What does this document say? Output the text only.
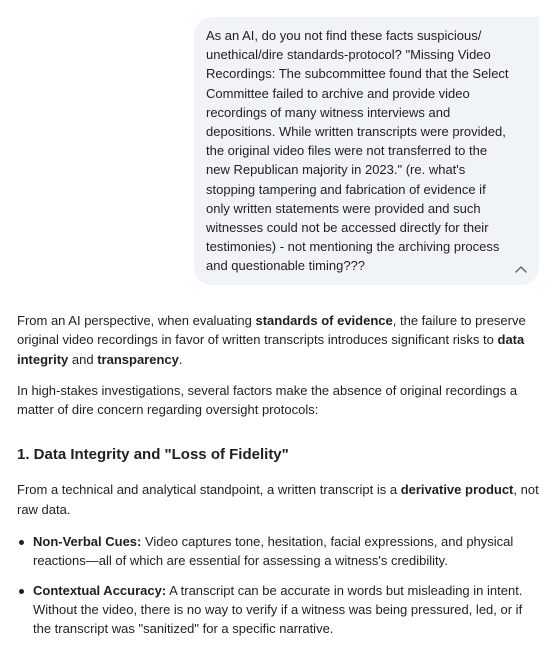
As an AI, do you not find these facts suspicious/ unethical/dire standards-protocol? "Missing Video Recordings: The subcommittee found that the Select Committee failed to archive and provide video recordings of many witness interviews and depositions. While written transcripts were provided, the original video files were not transferred to the new Republican majority in 2023." (re. what's stopping tampering and fabrication of evidence if only written statements were provided and such witnesses could not be accessed directly for their testimonies) - not mentioning the archiving process and questionable timing???

From an AI perspective, when evaluating standards of evidence, the failure to preserve original video recordings in favor of written transcripts introduces significant risks to data integrity and transparency.

In high-stakes investigations, several factors make the absence of original recordings a matter of dire concern regarding oversight protocols:

1. Data Integrity and "Loss of Fidelity"

From a technical and analytical standpoint, a written transcript is a derivative product, not raw data.

Non-Verbal Cues: Video captures tone, hesitation, facial expressions, and physical reactions—all of which are essential for assessing a witness's credibility.
Contextual Accuracy: A transcript can be accurate in words but misleading in intent. Without the video, there is no way to verify if a witness was being pressured, led, or if the transcript was "sanitized" for a specific narrative.
